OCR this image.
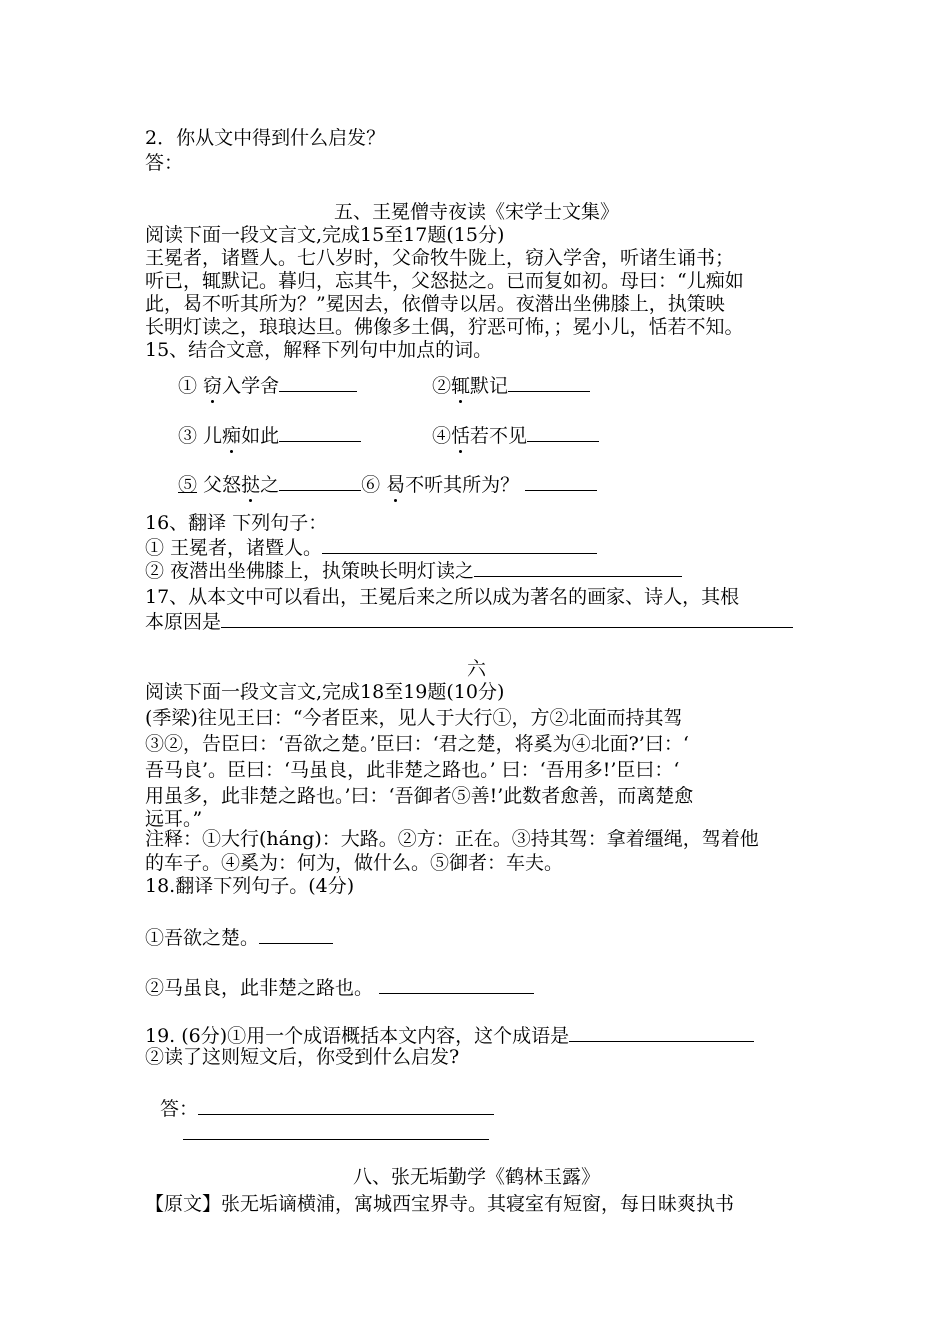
2．你从文中得到什么启发？
答：
五、王冕僧寺夜读《宋学士文集》
阅读下面一段文言文,完成15至17题(15分)
王冕者，诸暨人。七八岁时，父命牧牛陇上，窃入学舍，听诸生诵书；
听已，辄默记。暮归，忘其牛，父怒挞之。已而复如初。母曰：“儿痴如
此，曷不听其所为？”冕因去，依僧寺以居。夜潜出坐佛膝上，执策映
长明灯读之，琅琅达旦。佛像多土偶，狞恶可怖，；冕小儿，恬若不知。
15、结合文意，解释下列句中加点的词。
① 窃入学舍	②辄默记
③ 儿痴如此	④恬若不见
⑤ 父怒挞之	⑥ 曷不听其所为？
16、翻译 下列句子：
① 王冕者，诸暨人。
② 夜潜出坐佛膝上，执策映长明灯读之
17、从本文中可以看出，王冕后来之所以成为著名的画家、诗人，其根
本原因是
六
阅读下面一段文言文,完成18至19题(10分)
(季梁)往见王曰：“今者臣来，见人于大行①，方②北面而持其驾
③②，告臣曰：‘吾欲之楚。’臣曰：‘君之楚，将奚为④北面?’曰：‘
吾马良’。臣曰：‘马虽良，此非楚之路也。’ 曰：‘吾用多!’臣曰：‘
用虽多，此非楚之路也。’曰：‘吾御者⑤善!’此数者愈善，而离楚愈
远耳。”
注释：①大行(háng)：大路。②方：正在。③持其驾：拿着缰绳，驾着他
的车子。④奚为：何为，做什么。⑤御者：车夫。
18.翻译下列句子。(4分)
①吾欲之楚。
②马虽良，此非楚之路也。
19. (6分)①用一个成语概括本文内容，这个成语是
②读了这则短文后，你受到什么启发?
答：
八、张无垢勤学《鹤林玉露》
【原文】张无垢谪横浦，寓城西宝界寺。其寝室有短窗，每日昧爽执书
